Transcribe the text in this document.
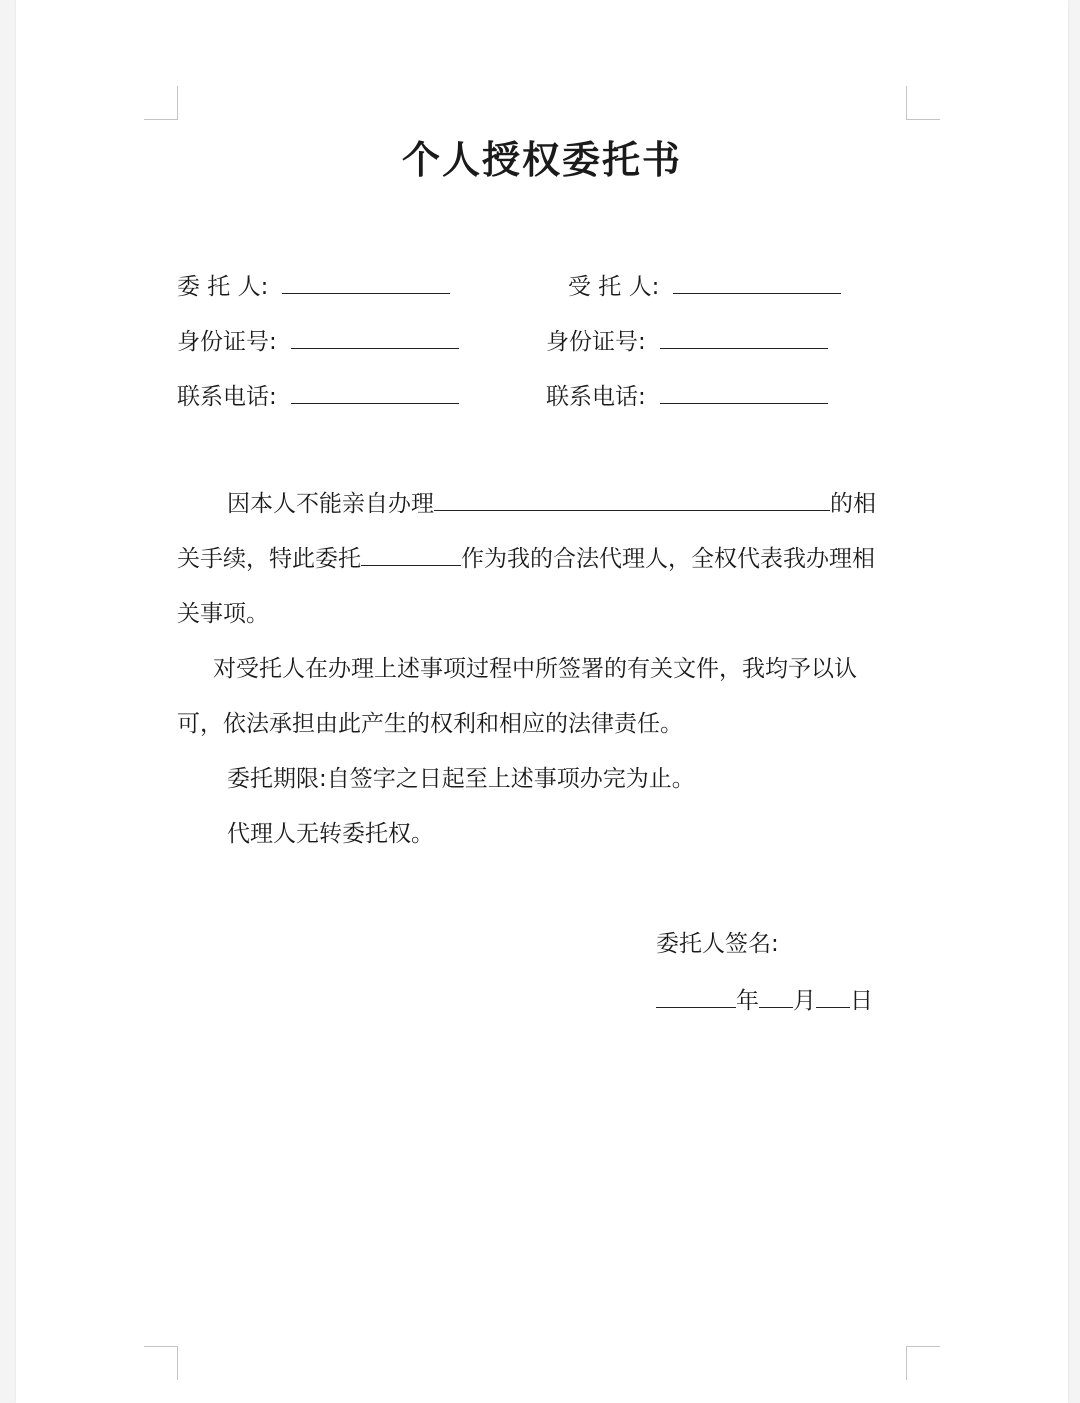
个人授权委托书
委 托 人:
身份证号:
联系电话:
受 托 人:
身份证号:
联系电话:
因本人不能亲自办理	的相
关手续，特此委托	作为我的合法代理人，全权代表我办理相
关事项。
对受托人在办理上述事项过程中所签署的有关文件，我均予以认
可，依法承担由此产生的权利和相应的法律责任。
委托期限:自签字之日起至上述事项办完为止。
代理人无转委托权。
委托人签名:
年 月 日
